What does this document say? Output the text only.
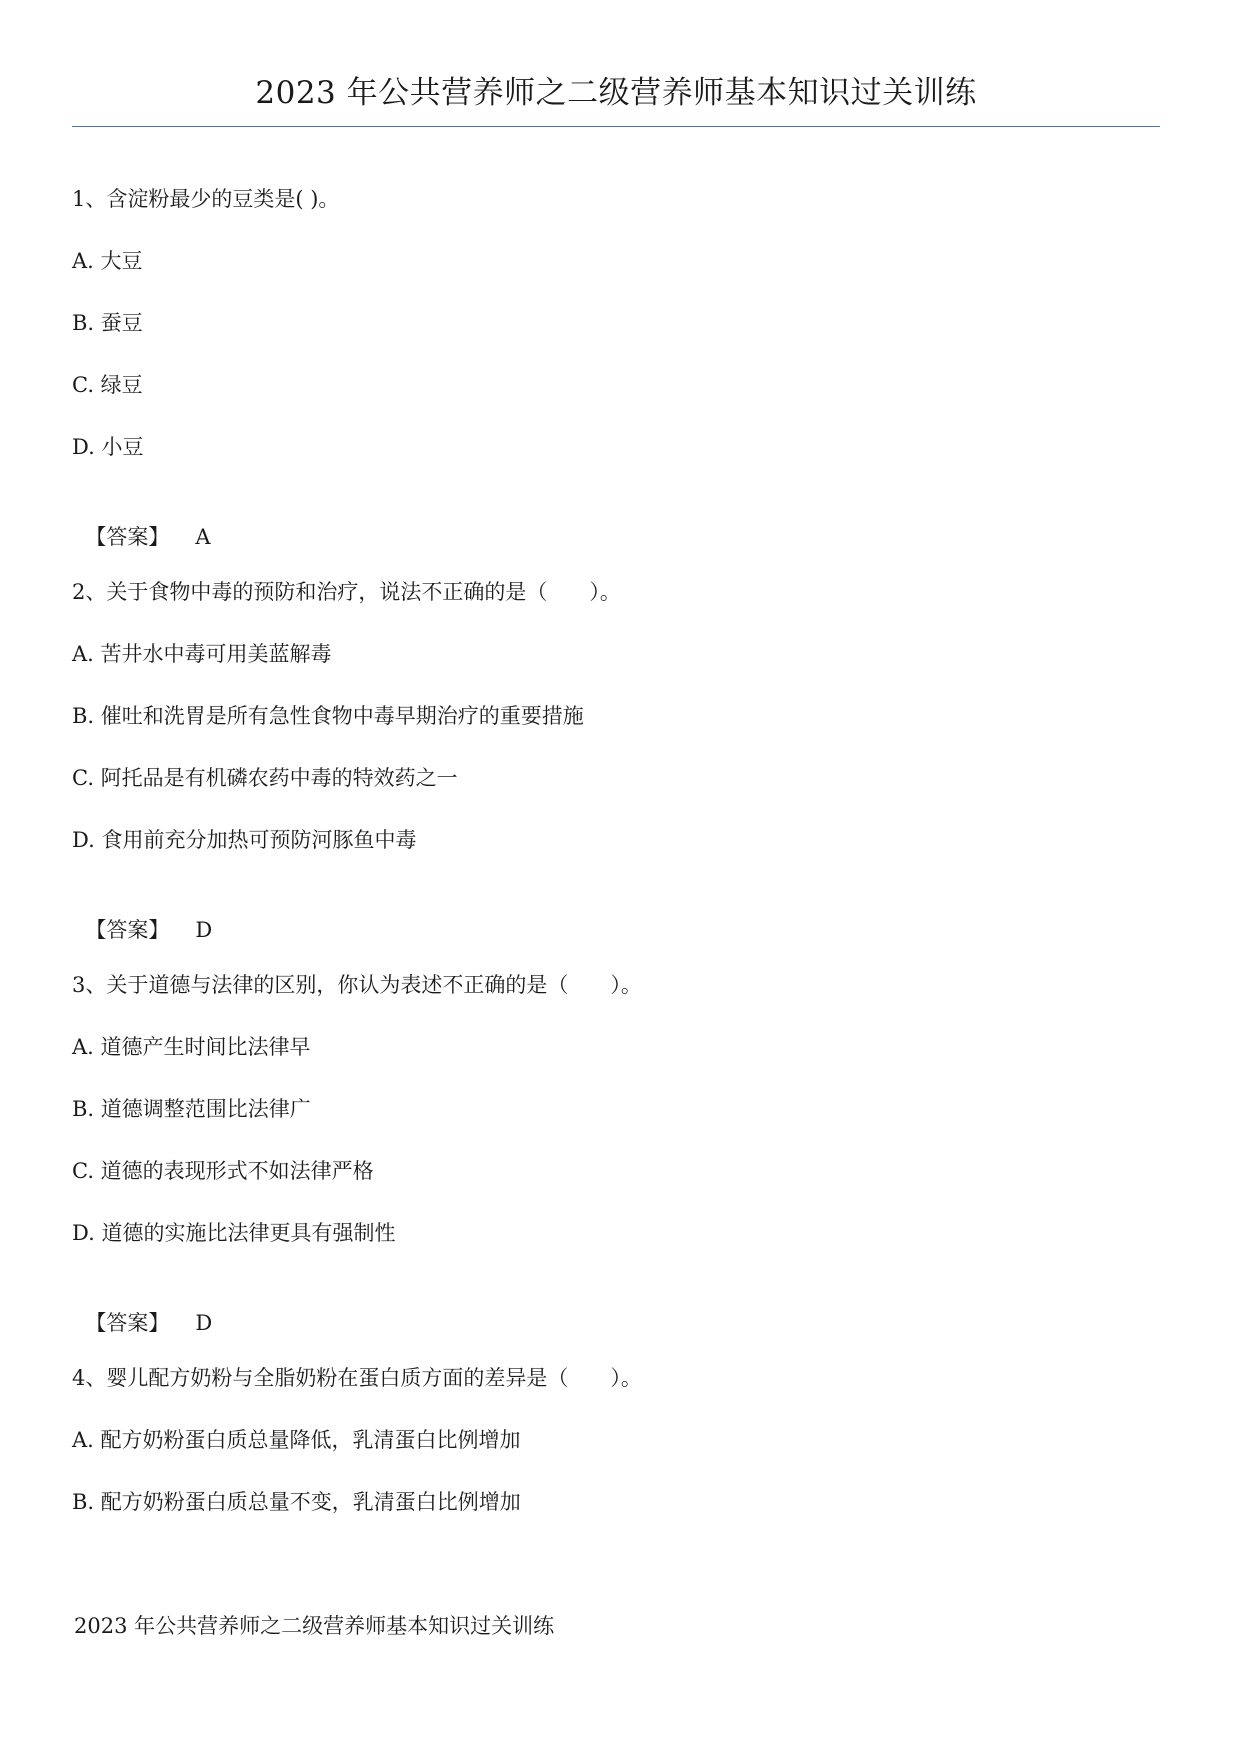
2023 年公共营养师之二级营养师基本知识过关训练
1、含淀粉最少的豆类是( )。
A. 大豆
B. 蚕豆
C. 绿豆
D. 小豆

【答案】 A

2、关于食物中毒的预防和治疗，说法不正确的是（　　）。
A. 苦井水中毒可用美蓝解毒
B. 催吐和洗胃是所有急性食物中毒早期治疗的重要措施
C. 阿托品是有机磷农药中毒的特效药之一
D. 食用前充分加热可预防河豚鱼中毒

【答案】 D

3、关于道德与法律的区别，你认为表述不正确的是（　　）。
A. 道德产生时间比法律早
B. 道德调整范围比法律广
C. 道德的表现形式不如法律严格
D. 道德的实施比法律更具有强制性

【答案】 D

4、婴儿配方奶粉与全脂奶粉在蛋白质方面的差异是（　　）。
A. 配方奶粉蛋白质总量降低，乳清蛋白比例增加
B. 配方奶粉蛋白质总量不变，乳清蛋白比例增加
2023 年公共营养师之二级营养师基本知识过关训练
